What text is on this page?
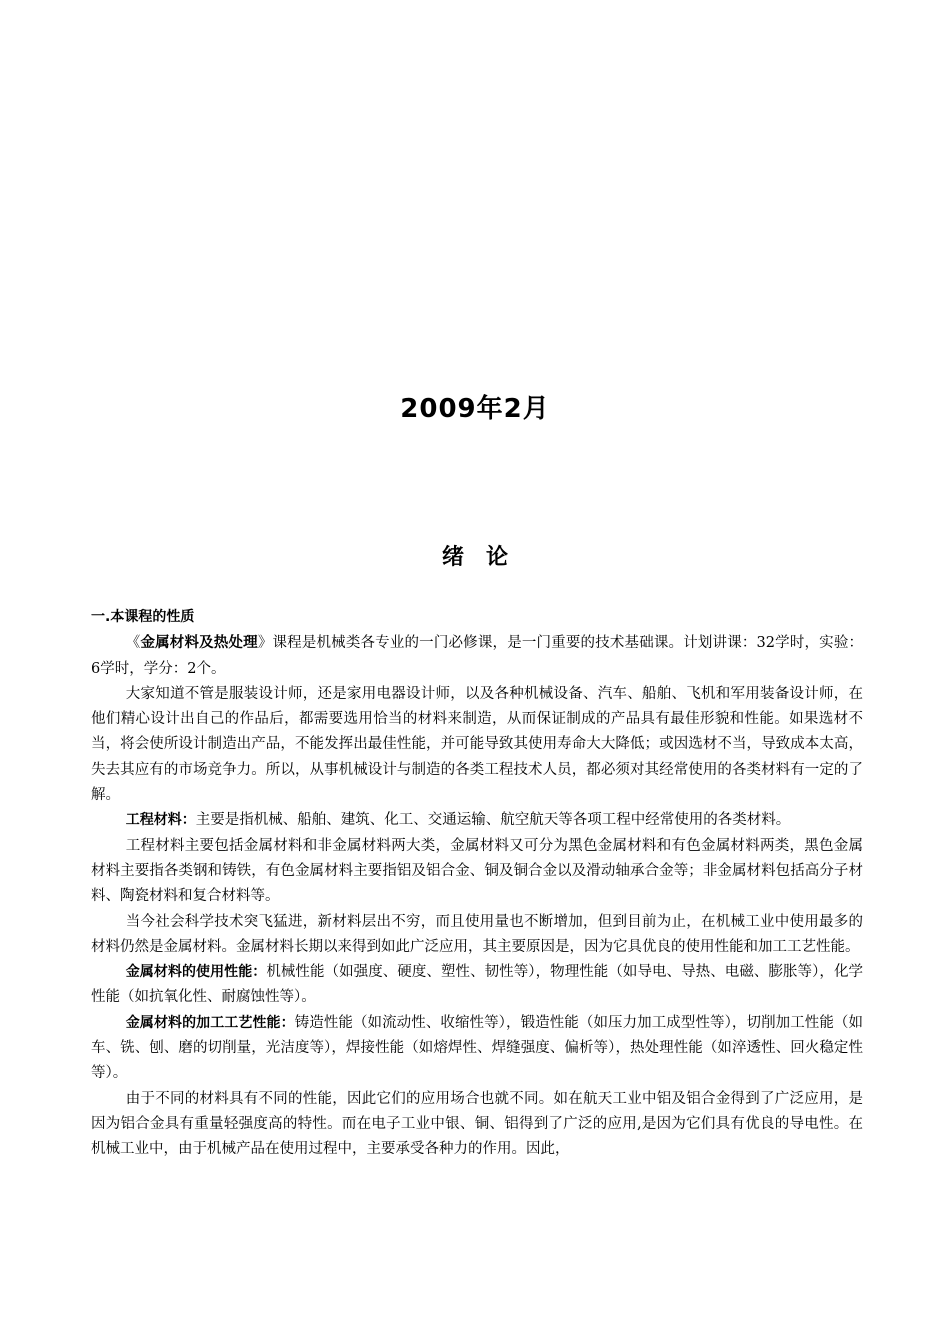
2009年2月
绪　论
一.本课程的性质

《金属材料及热处理》课程是机械类各专业的一门必修课，是一门重要的技术基础课。计划讲课：32学时，实验：6学时，学分：2个。

大家知道不管是服装设计师，还是家用电器设计师，以及各种机械设备、汽车、船舶、飞机和军用装备设计师，在他们精心设计出自己的作品后，都需要选用恰当的材料来制造，从而保证制成的产品具有最佳形貌和性能。如果选材不当，将会使所设计制造出产品，不能发挥出最佳性能，并可能导致其使用寿命大大降低；或因选材不当，导致成本太高，失去其应有的市场竞争力。所以，从事机械设计与制造的各类工程技术人员，都必须对其经常使用的各类材料有一定的了解。

工程材料：主要是指机械、船舶、建筑、化工、交通运输、航空航天等各项工程中经常使用的各类材料。

工程材料主要包括金属材料和非金属材料两大类，金属材料又可分为黑色金属材料和有色金属材料两类，黑色金属材料主要指各类钢和铸铁，有色金属材料主要指铝及铝合金、铜及铜合金以及滑动轴承合金等；非金属材料包括高分子材料、陶瓷材料和复合材料等。

当今社会科学技术突飞猛进，新材料层出不穷，而且使用量也不断增加，但到目前为止，在机械工业中使用最多的材料仍然是金属材料。金属材料长期以来得到如此广泛应用，其主要原因是，因为它具优良的使用性能和加工工艺性能。

金属材料的使用性能：机械性能（如强度、硬度、塑性、韧性等），物理性能（如导电、导热、电磁、膨胀等），化学性能（如抗氧化性、耐腐蚀性等）。

金属材料的加工工艺性能：铸造性能（如流动性、收缩性等），锻造性能（如压力加工成型性等），切削加工性能（如车、铣、刨、磨的切削量，光洁度等），焊接性能（如熔焊性、焊缝强度、偏析等），热处理性能（如淬透性、回火稳定性等）。

由于不同的材料具有不同的性能，因此它们的应用场合也就不同。如在航天工业中铝及铝合金得到了广泛应用，是因为铝合金具有重量轻强度高的特性。而在电子工业中银、铜、铝得到了广泛的应用,是因为它们具有优良的导电性。在机械工业中，由于机械产品在使用过程中，主要承受各种力的作用。因此，
